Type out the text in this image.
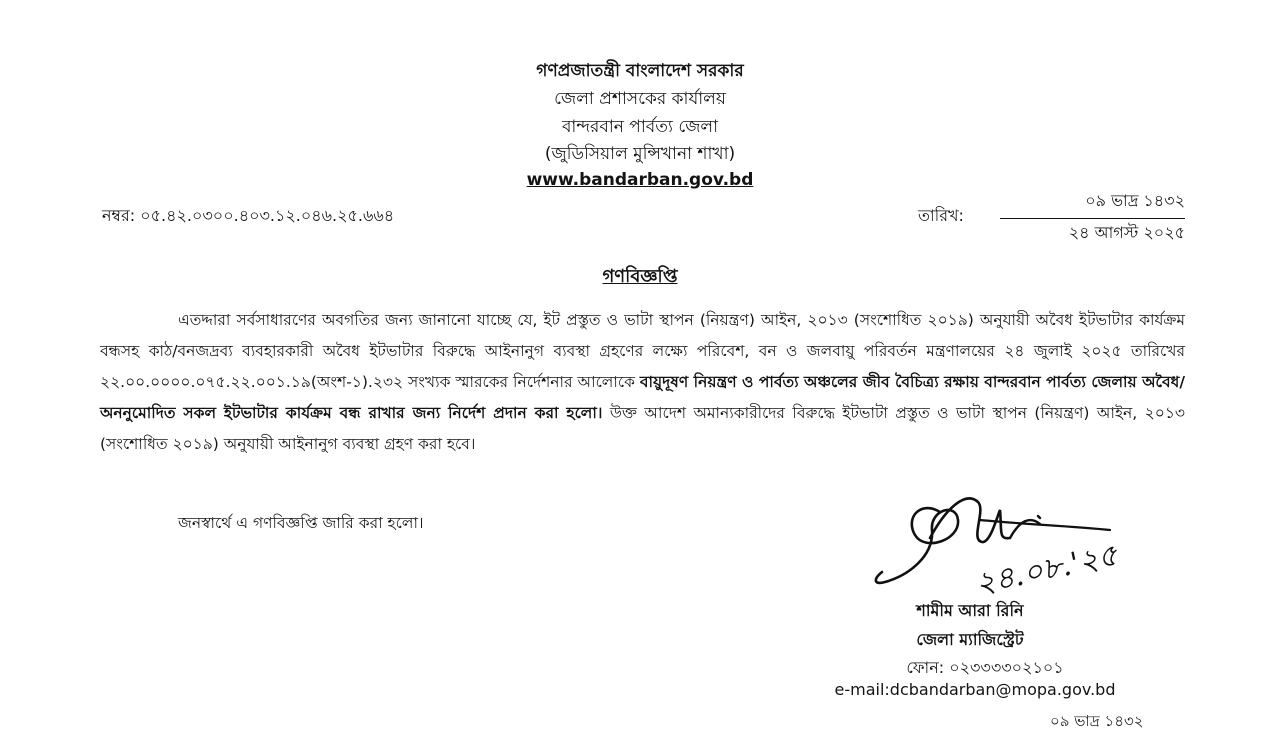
গণপ্রজাতন্ত্রী বাংলাদেশ সরকার
জেলা প্রশাসকের কার্যালয়
বান্দরবান পার্বত্য জেলা
(জুডিসিয়াল মুন্সিখানা শাখা)
www.bandarban.gov.bd
নম্বর: ০৫.৪২.০৩০০.৪০৩.১২.০৪৬.২৫.৬৬৪	তারিখ:
০৯ ভাদ্র ১৪৩২
২৪ আগস্ট ২০২৫
গণবিজ্ঞপ্তি
এতদ্দারা সর্বসাধারণের অবগতির জন্য জানানো যাচ্ছে যে, ইট প্রস্তুত ও ভাটা স্থাপন (নিয়ন্ত্রণ) আইন, ২০১৩ (সংশোধিত ২০১৯) অনুযায়ী অবৈধ ইটভাটার কার্যক্রম বন্ধসহ কাঠ/বনজদ্রব্য ব্যবহারকারী অবৈধ ইটভাটার বিরুদ্ধে আইনানুগ ব্যবস্থা গ্রহণের লক্ষ্যে পরিবেশ, বন ও জলবায়ু পরিবর্তন মন্ত্রণালয়ের ২৪ জুলাই ২০২৫ তারিখের ২২.০০.০০০০.০৭৫.২২.০০১.১৯(অংশ-১).২৩২ সংখ্যক স্মারকের নির্দেশনার আলোকে বায়ুদূষণ নিয়ন্ত্রণ ও পার্বত্য অঞ্চলের জীব বৈচিত্র্য রক্ষায় বান্দরবান পার্বত্য জেলায় অবৈধ/অননুমোদিত সকল ইটভাটার কার্যক্রম বন্ধ রাখার জন্য নির্দেশ প্রদান করা হলো। উক্ত আদেশ অমান্যকারীদের বিরুদ্ধে ইটভাটা প্রস্তুত ও ভাটা স্থাপন (নিয়ন্ত্রণ) আইন, ২০১৩ (সংশোধিত ২০১৯) অনুযায়ী আইনানুগ ব্যবস্থা গ্রহণ করা হবে।
জনস্বার্থে এ গণবিজ্ঞপ্তি জারি করা হলো।
২৪.০৮.'২৫
শামীম আরা রিনি
জেলা ম্যাজিস্ট্রেট
ফোন: ০২৩৩৩৩০২১০১
e-mail:dcbandarban@mopa.gov.bd
০৯ ভাদ্র ১৪৩২
